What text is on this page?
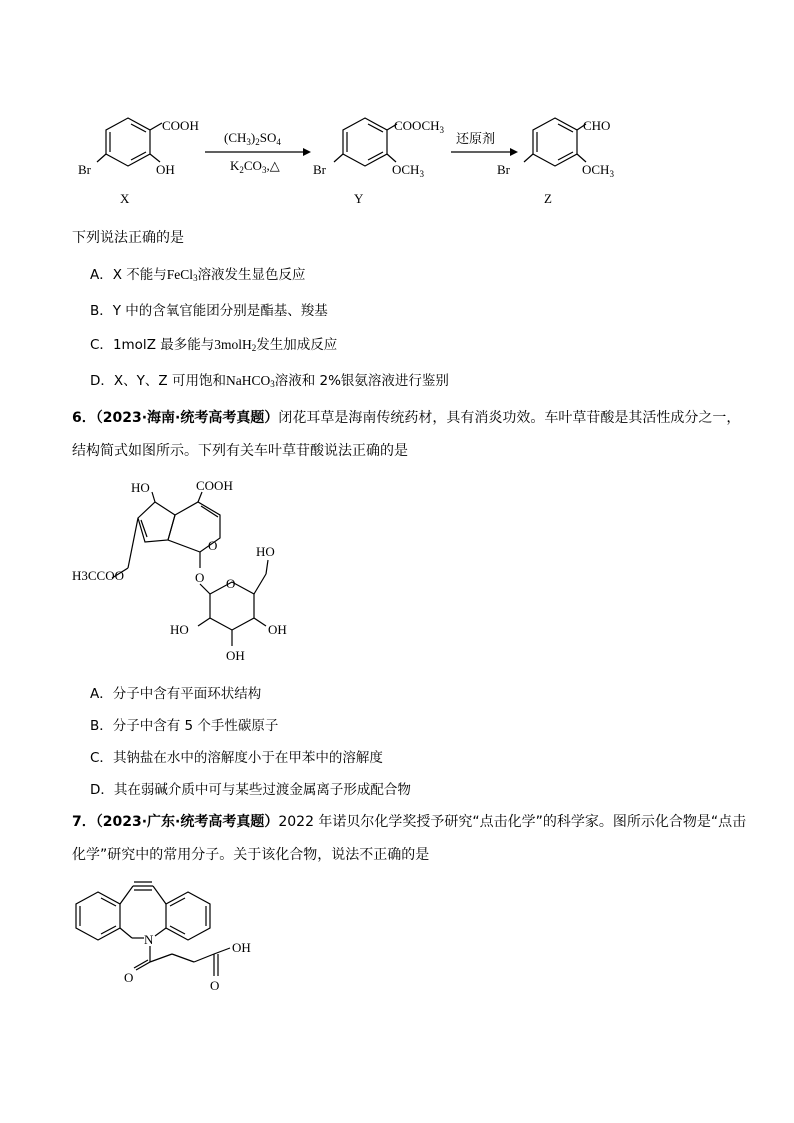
COOH
OH
Br
X
$(CH_3)_2SO_4$
$K_2CO_3,\triangle$
$COOCH_3$
$OCH_3$
Br
Y
还原剂
CHO
$OCH_3$
Br
Z
下列说法正确的是
A．X 不能与FeCl$_3$溶液发生显色反应
B．Y 中的含氧官能团分别是酯基、羧基
C．1molZ 最多能与3molH$_2$发生加成反应
D．X、Y、Z 可用饱和NaHCO$_3$溶液和 2%银氨溶液进行鉴别
6．（2023·海南·统考高考真题）闭花耳草是海南传统药材，具有消炎功效。车叶草苷酸是其活性成分之一，
结构简式如图所示。下列有关车叶草苷酸说法正确的是
HO	COOH
O
H3CCOO	O O
HO
HO	OH
OH
A．分子中含有平面环状结构
B．分子中含有 5 个手性碳原子
C．其钠盐在水中的溶解度小于在甲苯中的溶解度
D．其在弱碱介质中可与某些过渡金属离子形成配合物
7．（2023·广东·统考高考真题）2022 年诺贝尔化学奖授予研究“点击化学”的科学家。图所示化合物是“点击
化学”研究中的常用分子。关于该化合物，说法不正确的是
N
O
O
OH
